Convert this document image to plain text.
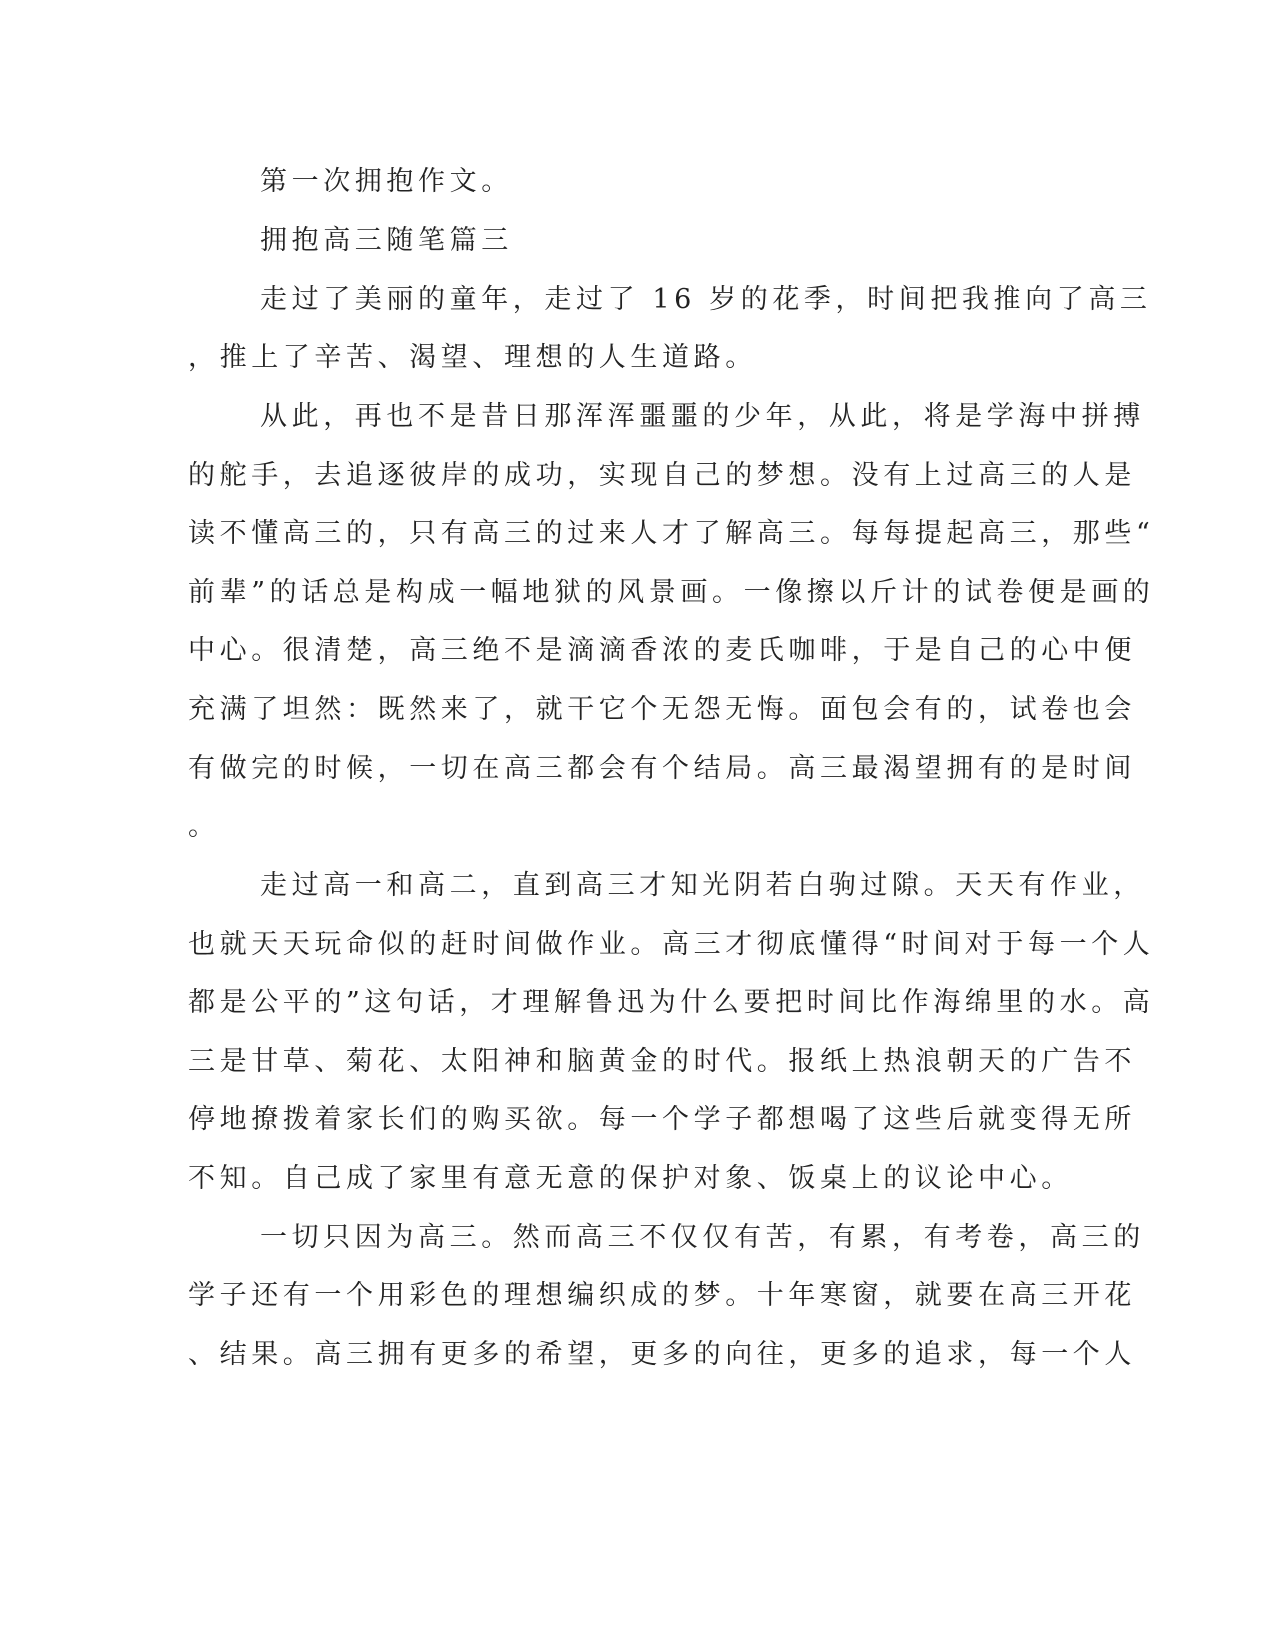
第一次拥抱作文。
拥抱高三随笔篇三
走过了美丽的童年，走过了 16 岁的花季，时间把我推向了高三
，推上了辛苦、渴望、理想的人生道路。
从此，再也不是昔日那浑浑噩噩的少年，从此，将是学海中拼搏
的舵手，去追逐彼岸的成功，实现自己的梦想。没有上过高三的人是
读不懂高三的，只有高三的过来人才了解高三。每每提起高三，那些“
前辈”的话总是构成一幅地狱的风景画。一像擦以斤计的试卷便是画的
中心。很清楚，高三绝不是滴滴香浓的麦氏咖啡，于是自己的心中便
充满了坦然：既然来了，就干它个无怨无悔。面包会有的，试卷也会
有做完的时候，一切在高三都会有个结局。高三最渴望拥有的是时间
。
走过高一和高二，直到高三才知光阴若白驹过隙。天天有作业，
也就天天玩命似的赶时间做作业。高三才彻底懂得“时间对于每一个人
都是公平的”这句话，才理解鲁迅为什么要把时间比作海绵里的水。高
三是甘草、菊花、太阳神和脑黄金的时代。报纸上热浪朝天的广告不
停地撩拨着家长们的购买欲。每一个学子都想喝了这些后就变得无所
不知。自己成了家里有意无意的保护对象、饭桌上的议论中心。
一切只因为高三。然而高三不仅仅有苦，有累，有考卷，高三的
学子还有一个用彩色的理想编织成的梦。十年寒窗，就要在高三开花
、结果。高三拥有更多的希望，更多的向往，更多的追求，每一个人
